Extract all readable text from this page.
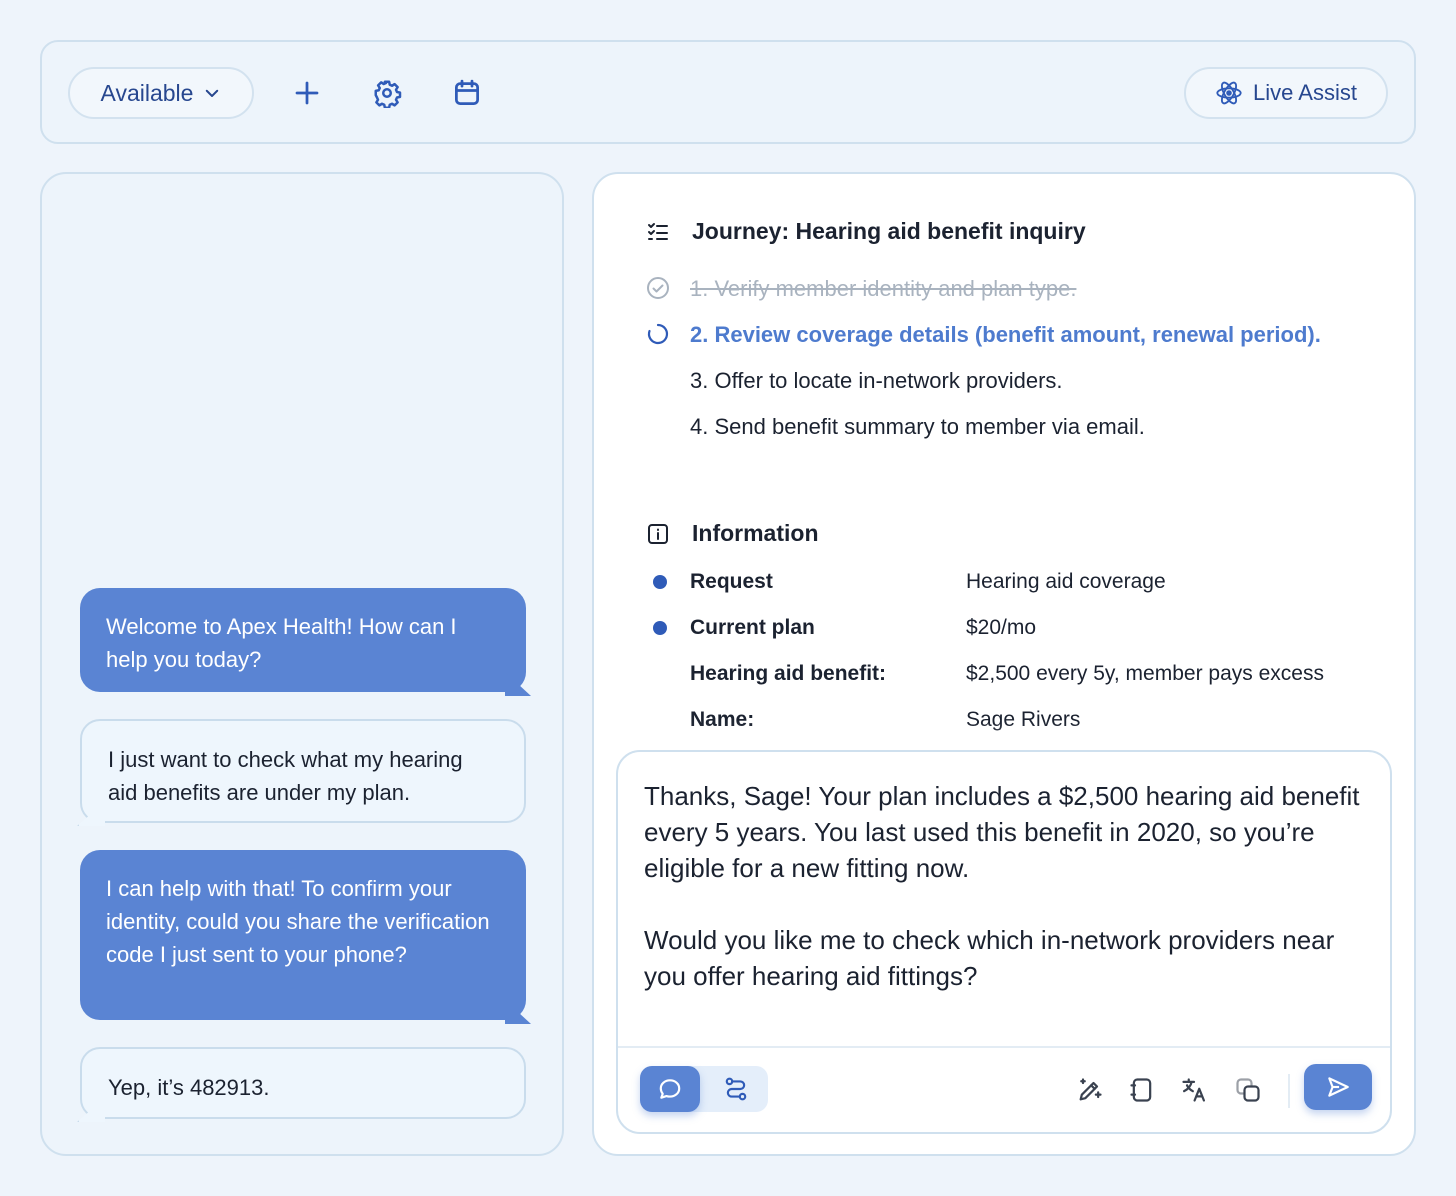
Available	Live Assist
Welcome to Apex Health! How can I help you today?
I just want to check what my hearing aid benefits are under my plan.
I can help with that! To confirm your identity, could you share the verification code I just sent to your phone?
Yep, it’s 482913.
Journey: Hearing aid benefit inquiry
1. Verify member identity and plan type.
2. Review coverage details (benefit amount, renewal period).
3. Offer to locate in-network providers.
4. Send benefit summary to member via email.
Information
Request	Hearing aid coverage
Current plan	$20/mo
Hearing aid benefit:	$2,500 every 5y, member pays excess
Name:	Sage Rivers

Thanks, Sage! Your plan includes a $2,500 hearing aid benefit every 5 years. You last used this benefit in 2020, so you’re eligible for a new fitting now.

Would you like me to check which in-network providers near you offer hearing aid fittings?
